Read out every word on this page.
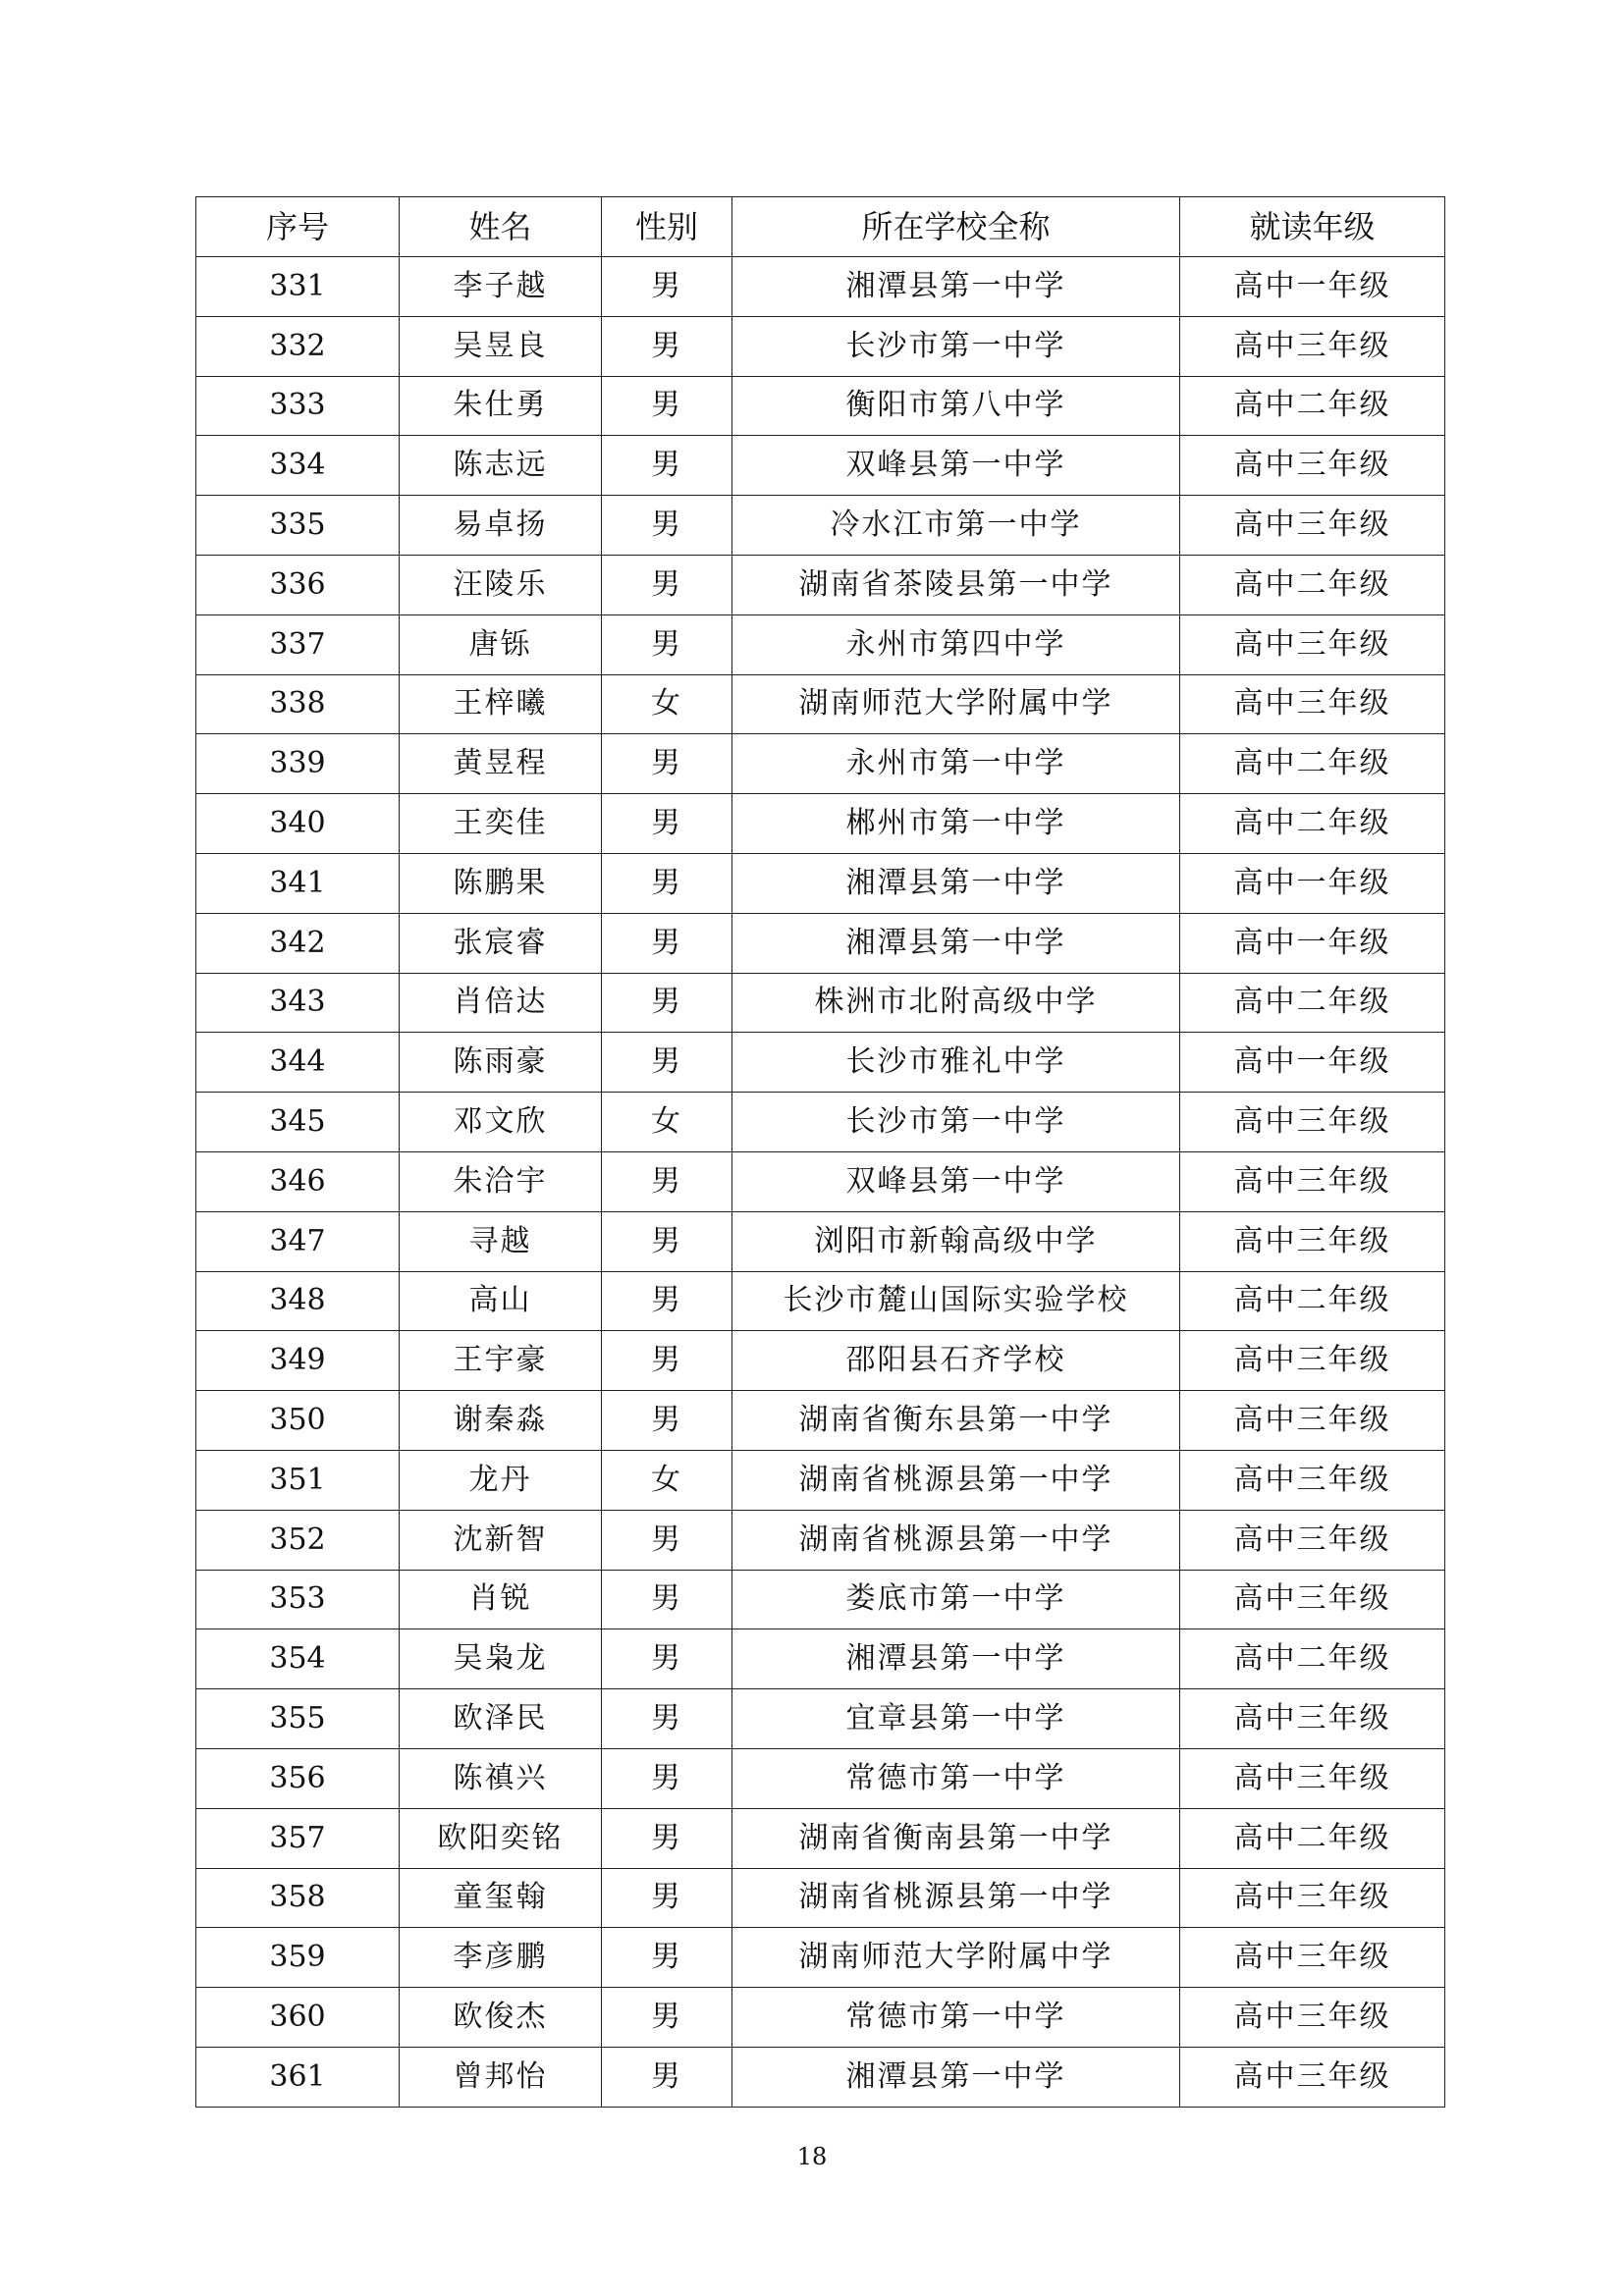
序号	姓名	性别	所在学校全称	就读年级
331	李子越	男	湘潭县第一中学	高中一年级
332	吴昱良	男	长沙市第一中学	高中三年级
333	朱仕勇	男	衡阳市第八中学	高中二年级
334	陈志远	男	双峰县第一中学	高中三年级
335	易卓扬	男	冷水江市第一中学	高中三年级
336	汪陵乐	男	湖南省茶陵县第一中学	高中二年级
337	唐铄	男	永州市第四中学	高中三年级
338	王梓曦	女	湖南师范大学附属中学	高中三年级
339	黄昱程	男	永州市第一中学	高中二年级
340	王奕佳	男	郴州市第一中学	高中二年级
341	陈鹏果	男	湘潭县第一中学	高中一年级
342	张宸睿	男	湘潭县第一中学	高中一年级
343	肖倍达	男	株洲市北附高级中学	高中二年级
344	陈雨豪	男	长沙市雅礼中学	高中一年级
345	邓文欣	女	长沙市第一中学	高中三年级
346	朱洽宇	男	双峰县第一中学	高中三年级
347	寻越	男	浏阳市新翰高级中学	高中三年级
348	高山	男	长沙市麓山国际实验学校	高中二年级
349	王宇豪	男	邵阳县石齐学校	高中三年级
350	谢秦淼	男	湖南省衡东县第一中学	高中三年级
351	龙丹	女	湖南省桃源县第一中学	高中三年级
352	沈新智	男	湖南省桃源县第一中学	高中三年级
353	肖锐	男	娄底市第一中学	高中三年级
354	吴枭龙	男	湘潭县第一中学	高中二年级
355	欧泽民	男	宜章县第一中学	高中三年级
356	陈禛兴	男	常德市第一中学	高中三年级
357	欧阳奕铭	男	湖南省衡南县第一中学	高中二年级
358	童玺翰	男	湖南省桃源县第一中学	高中三年级
359	李彦鹏	男	湖南师范大学附属中学	高中三年级
360	欧俊杰	男	常德市第一中学	高中三年级
361	曾邦怡	男	湘潭县第一中学	高中三年级
18
